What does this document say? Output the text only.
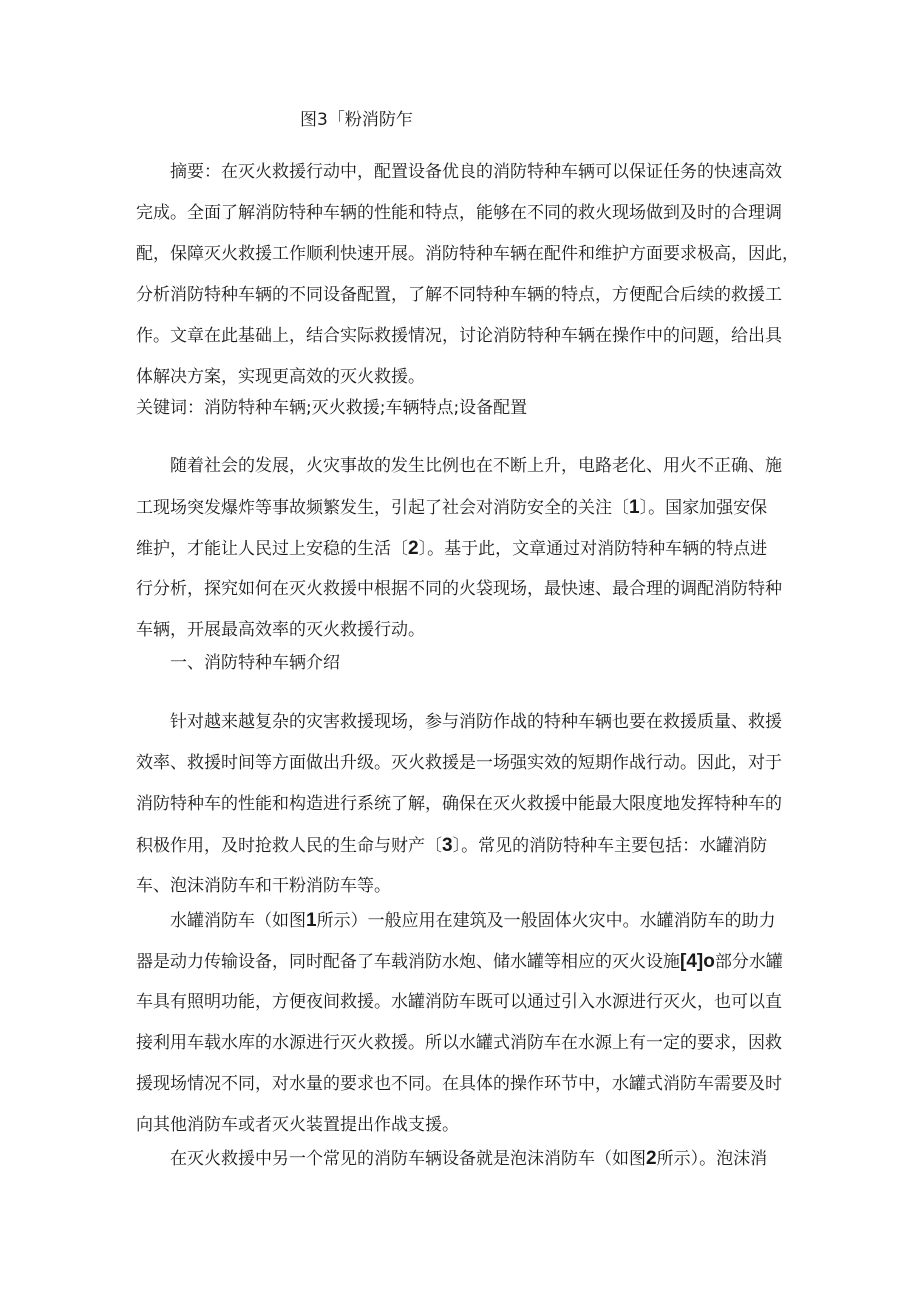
图3「粉消防乍
摘要：在灭火救援行动中，配置设备优良的消防特种车辆可以保证任务的快速高效
完成。全面了解消防特种车辆的性能和特点，能够在不同的救火现场做到及时的合理调
配，保障灭火救援工作顺利快速开展。消防特种车辆在配件和维护方面要求极高，因此，
分析消防特种车辆的不同设备配置，了解不同特种车辆的特点，方便配合后续的救援工
作。文章在此基础上，结合实际救援情况，讨论消防特种车辆在操作中的问题，给出具
体解决方案，实现更高效的灭火救援。
关键词：消防特种车辆;灭火救援;车辆特点;设备配置
随着社会的发展，火灾事故的发生比例也在不断上升，电路老化、用火不正确、施
工现场突发爆炸等事故频繁发生，引起了社会对消防安全的关注〔1〕。国家加强安保
维护，才能让人民过上安稳的生活〔2〕。基于此，文章通过对消防特种车辆的特点进
行分析，探究如何在灭火救援中根据不同的火袋现场，最快速、最合理的调配消防特种
车辆，开展最高效率的灭火救援行动。
一、消防特种车辆介绍
针对越来越复杂的灾害救援现场，参与消防作战的特种车辆也要在救援质量、救援
效率、救援时间等方面做出升级。灭火救援是一场强实效的短期作战行动。因此，对于
消防特种车的性能和构造进行系统了解，确保在灭火救援中能最大限度地发挥特种车的
积极作用，及时抢救人民的生命与财产〔3〕。常见的消防特种车主要包括：水罐消防
车、泡沫消防车和干粉消防车等。
水罐消防车（如图1所示）一般应用在建筑及一般固体火灾中。水罐消防车的助力
器是动力传输设备，同时配备了车载消防水炮、储水罐等相应的灭火设施[4]o部分水罐
车具有照明功能，方便夜间救援。水罐消防车既可以通过引入水源进行灭火，也可以直
接利用车载水库的水源进行灭火救援。所以水罐式消防车在水源上有一定的要求，因救
援现场情况不同，对水量的要求也不同。在具体的操作环节中，水罐式消防车需要及时
向其他消防车或者灭火装置提出作战支援。
在灭火救援中另一个常见的消防车辆设备就是泡沫消防车（如图2所示）。泡沫消
